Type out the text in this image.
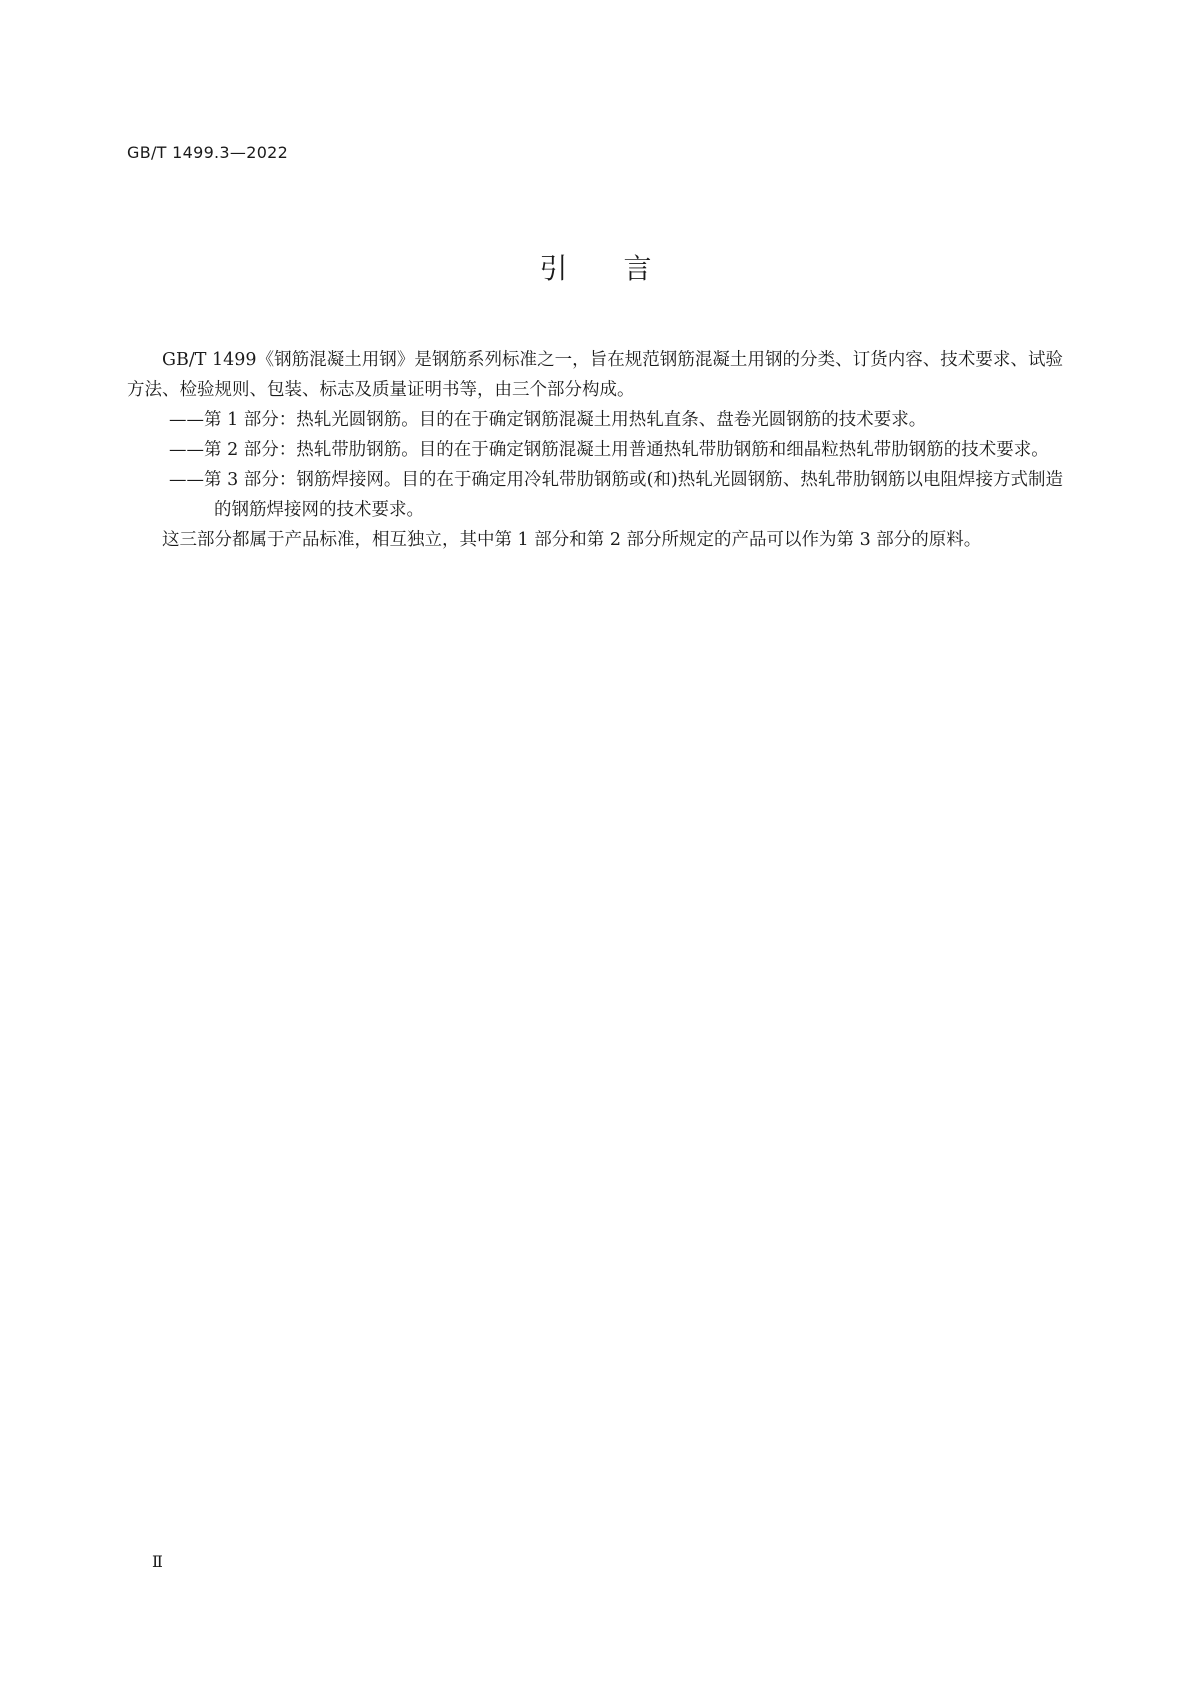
GB/T 1499.3—2022
引言

GB/T 1499《钢筋混凝土用钢》是钢筋系列标准之一，旨在规范钢筋混凝土用钢的分类、订货内容、技术要求、试验方法、检验规则、包装、标志及质量证明书等，由三个部分构成。

——第 1 部分：热轧光圆钢筋。目的在于确定钢筋混凝土用热轧直条、盘卷光圆钢筋的技术要求。

——第 2 部分：热轧带肋钢筋。目的在于确定钢筋混凝土用普通热轧带肋钢筋和细晶粒热轧带肋钢筋的技术要求。

——第 3 部分：钢筋焊接网。目的在于确定用冷轧带肋钢筋或(和)热轧光圆钢筋、热轧带肋钢筋以电阻焊接方式制造的钢筋焊接网的技术要求。

这三部分都属于产品标准，相互独立，其中第 1 部分和第 2 部分所规定的产品可以作为第 3 部分的原料。

Ⅱ
